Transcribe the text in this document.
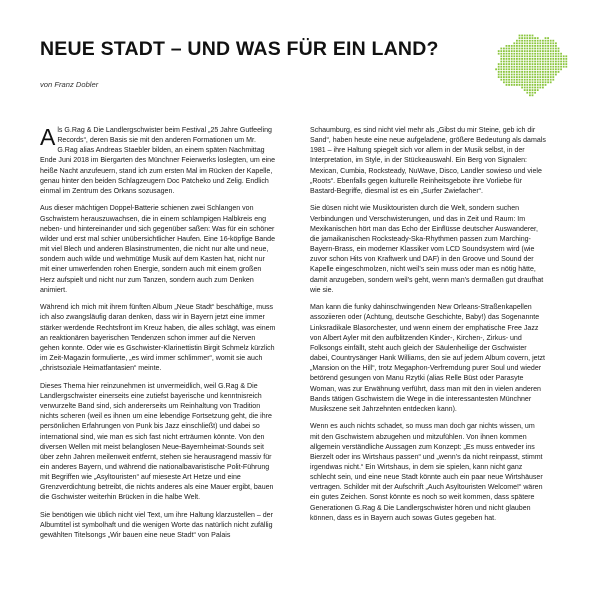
NEUE STADT – UND WAS FÜR EIN LAND?
von Franz Dobler

Als G.Rag & Die Landlergschwister beim Festival „25 Jahre Gutfeeling Records“, deren Basis sie mit den anderen Formationen um Mr. G.Rag alias Andreas Staebler bilden, an einem späten Nachmittag Ende Juni 2018 im Biergarten des Münchner Feierwerks loslegten, um eine heiße Nacht anzufeuern, stand ich zum ersten Mal im Rücken der Kapelle, genau hinter den beiden Schlagzeugern Doc Patcheko und Zelig. Endlich einmal im Zentrum des Orkans sozusagen.

Aus dieser mächtigen Doppel-Batterie schienen zwei Schlangen von Gschwistern herauszuwachsen, die in einem schlampigen Halbkreis eng neben- und hintereinander und sich gegenüber saßen: Was für ein schöner wilder und erst mal schier unübersichtlicher Haufen. Eine 16-köpfige Bande mit viel Blech und anderen Blasinstrumenten, die nicht nur alte und neue, sondern auch wilde und wehmütige Musik auf dem Kasten hat, nicht nur mit einer umwerfenden rohen Energie, sondern auch mit einem großen Herz aufspielt und nicht nur zum Tanzen, sondern auch zum Denken animiert.

Während ich mich mit ihrem fünften Album „Neue Stadt“ beschäftige, muss ich also zwangsläufig daran denken, dass wir in Bayern jetzt eine immer stärker werdende Rechtsfront im Kreuz haben, die alles schlägt, was einem an reaktionären bayerischen Tendenzen schon immer auf die Nerven gehen konnte. Oder wie es Gschwister-Klarinettistin Birgit Schmelz kürzlich im Zeit-Magazin formulierte, „es wird immer schlimmer“, womit sie auch „christsoziale Heimatfantasien“ meinte.

Dieses Thema hier reinzunehmen ist unvermeidlich, weil G.Rag & Die Landlergschwister einerseits eine zutiefst bayerische und kenntnisreich verwurzelte Band sind, sich andererseits um Reinhaltung von Tradition nichts scheren (weil es ihnen um eine lebendige Fortsetzung geht, die ihre persönlichen Erfahrungen von Punk bis Jazz einschließt) und dabei so international sind, wie man es sich fast nicht erträumen könnte. Von den diversen Wellen mit meist belanglosen Neue-Bayernheimat-Sounds seit über zehn Jahren meilenweit entfernt, stehen sie herausragend massiv für ein anderes Bayern, und während die nationalbavaristische Polit-Führung mit Begriffen wie „Asyltouristen“ auf mieseste Art Hetze und eine Grenzverdichtung betreibt, die nichts anderes als eine Mauer ergibt, bauen die Gschwister weiterhin Brücken in die halbe Welt.

Sie benötigen wie üblich nicht viel Text, um ihre Haltung klarzustellen – der Albumtitel ist symbolhaft und die wenigen Worte das natürlich nicht zufällig gewählten Titelsongs „Wir bauen eine neue Stadt“ von Palais

Schaumburg, es sind nicht viel mehr als „Gibst du mir Steine, geb ich dir Sand“, haben heute eine neue aufgeladene, größere Bedeutung als damals 1981 – ihre Haltung spiegelt sich vor allem in der Musik selbst, in der Interpretation, im Style, in der Stückeauswahl. Ein Berg von Signalen: Mexican, Cumbia, Rocksteady, NuWave, Disco, Landler sowieso und viele „Roots“. Ebenfalls gegen kulturelle Reinheitsgebote ihre Vorliebe für Bastard-Begriffe, diesmal ist es ein „Surfer Zwiefacher“.

Sie düsen nicht wie Musiktouristen durch die Welt, sondern suchen Verbindungen und Verschwisterungen, und das in Zeit und Raum: Im Mexikanischen hört man das Echo der Einflüsse deutscher Auswanderer, die jamaikanischen Rocksteady-Ska-Rhythmen passen zum Marching-Bayern-Brass, ein moderner Klassiker vom LCD Soundsystem wird (wie zuvor schon Hits von Kraftwerk und DAF) in den Groove und Sound der Kapelle eingeschmolzen, nicht weil’s sein muss oder man es nötig hätte, damit anzugeben, sondern weil’s geht, wenn man’s dermaßen gut draufhat wie sie.

Man kann die funky dahinschwingenden New Orleans-Straßenkapellen assoziieren oder (Achtung, deutsche Geschichte, Baby!) das Sogenannte Linksradikale Blasorchester, und wenn einem der emphatische Free Jazz von Albert Ayler mit den aufblitzenden Kinder-, Kirchen-, Zirkus- und Folksongs einfällt, steht auch gleich der Säulenheilige der Gschwister dabei, Countrysänger Hank Williams, den sie auf jedem Album covern, jetzt „Mansion on the Hill“, trotz Megaphon-Verfremdung purer Soul und wieder betörend gesungen von Manu Rzytki (alias Relle Büst oder Parasyte Woman, was zur Erwähnung verführt, dass man mit den in vielen anderen Bands tätigen Gschwistern die Wege in die interessantesten Münchner Musikszene seit Jahrzehnten entdecken kann).

Wenn es auch nichts schadet, so muss man doch gar nichts wissen, um mit den Gschwistern abzugehen und mitzufühlen. Von ihnen kommen allgemein verständliche Aussagen zum Konzept: „Es muss entweder ins Bierzelt oder ins Wirtshaus passen“ und „wenn’s da nicht reinpasst, stimmt irgendwas nicht.“ Ein Wirtshaus, in dem sie spielen, kann nicht ganz schlecht sein, und eine neue Stadt könnte auch ein paar neue Wirtshäuser vertragen. Schilder mit der Aufschrift „Auch Asyltouristen Welcome!“ wären ein gutes Zeichen. Sonst könnte es noch so weit kommen, dass spätere Generationen G.Rag & Die Landlergschwister hören und nicht glauben können, dass es in Bayern auch sowas Gutes gegeben hat.
